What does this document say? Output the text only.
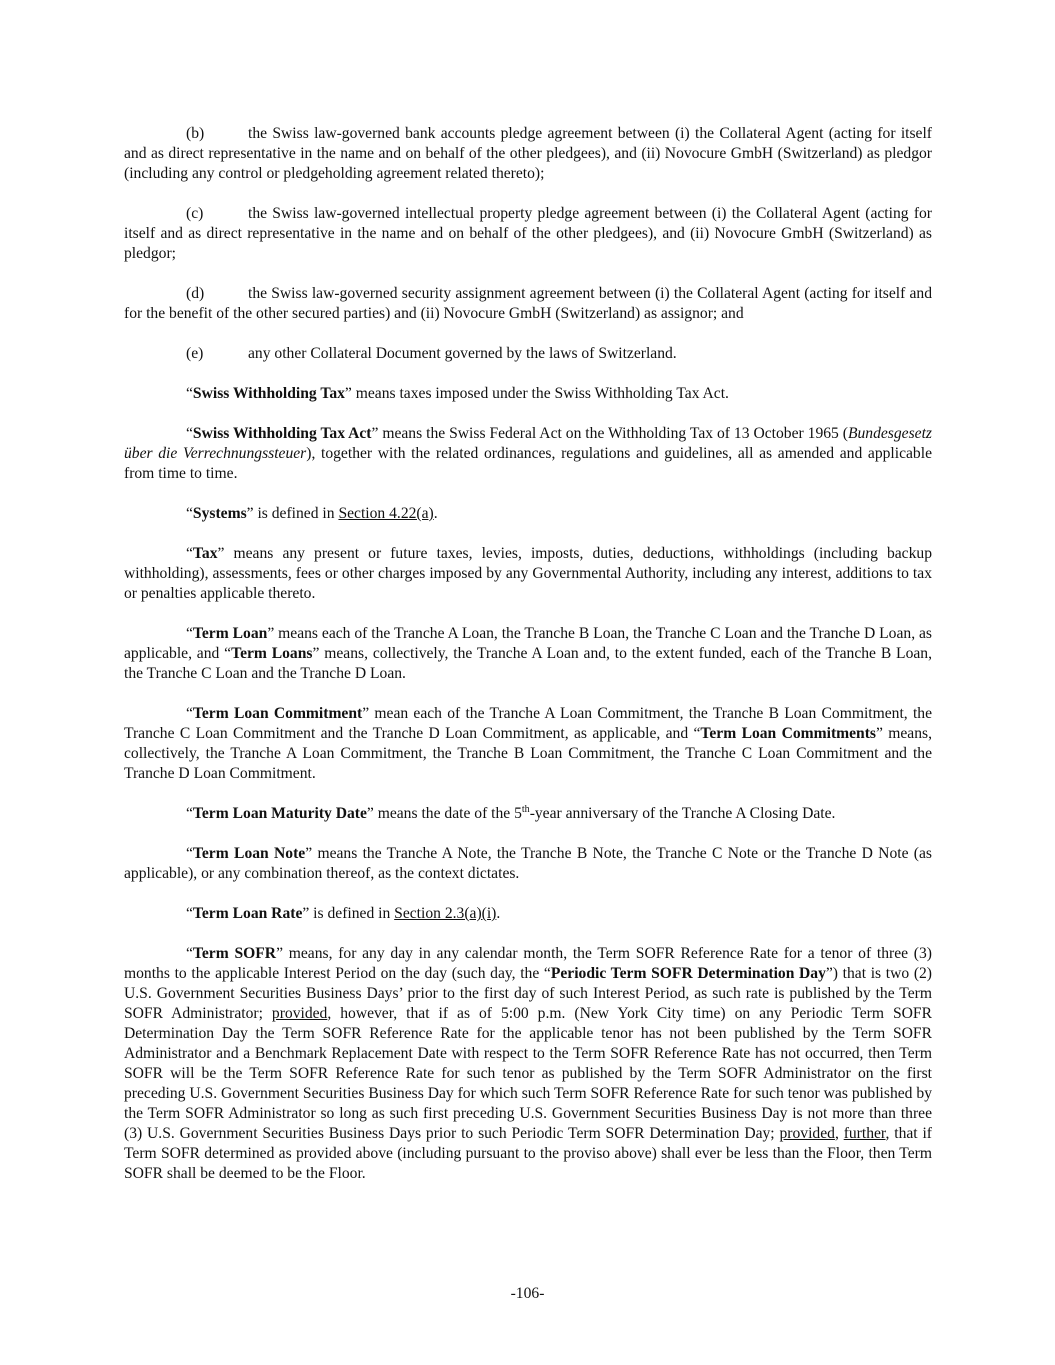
(b)	the Swiss law-governed bank accounts pledge agreement between (i) the Collateral Agent (acting for itself and as direct representative in the name and on behalf of the other pledgees), and (ii) Novocure GmbH (Switzerland) as pledgor (including any control or pledgeholding agreement related thereto);

(c)	the Swiss law-governed intellectual property pledge agreement between (i) the Collateral Agent (acting for itself and as direct representative in the name and on behalf of the other pledgees), and (ii) Novocure GmbH (Switzerland) as pledgor;

(d)	the Swiss law-governed security assignment agreement between (i) the Collateral Agent (acting for itself and for the benefit of the other secured parties) and (ii) Novocure GmbH (Switzerland) as assignor; and

(e)	any other Collateral Document governed by the laws of Switzerland.

“Swiss Withholding Tax” means taxes imposed under the Swiss Withholding Tax Act.

“Swiss Withholding Tax Act” means the Swiss Federal Act on the Withholding Tax of 13 October 1965 (Bundesgesetz über die Verrechnungssteuer), together with the related ordinances, regulations and guidelines, all as amended and applicable from time to time.

“Systems” is defined in Section 4.22(a).

“Tax” means any present or future taxes, levies, imposts, duties, deductions, withholdings (including backup withholding), assessments, fees or other charges imposed by any Governmental Authority, including any interest, additions to tax or penalties applicable thereto.

“Term Loan” means each of the Tranche A Loan, the Tranche B Loan, the Tranche C Loan and the Tranche D Loan, as applicable, and “Term Loans” means, collectively, the Tranche A Loan and, to the extent funded, each of the Tranche B Loan, the Tranche C Loan and the Tranche D Loan.

“Term Loan Commitment” mean each of the Tranche A Loan Commitment, the Tranche B Loan Commitment, the Tranche C Loan Commitment and the Tranche D Loan Commitment, as applicable, and “Term Loan Commitments” means, collectively, the Tranche A Loan Commitment, the Tranche B Loan Commitment, the Tranche C Loan Commitment and the Tranche D Loan Commitment.

“Term Loan Maturity Date” means the date of the 5th-year anniversary of the Tranche A Closing Date.

“Term Loan Note” means the Tranche A Note, the Tranche B Note, the Tranche C Note or the Tranche D Note (as applicable), or any combination thereof, as the context dictates.

“Term Loan Rate” is defined in Section 2.3(a)(i).

“Term SOFR” means, for any day in any calendar month, the Term SOFR Reference Rate for a tenor of three (3) months to the applicable Interest Period on the day (such day, the “Periodic Term SOFR Determination Day”) that is two (2) U.S. Government Securities Business Days’ prior to the first day of such Interest Period, as such rate is published by the Term SOFR Administrator; provided, however, that if as of 5:00 p.m. (New York City time) on any Periodic Term SOFR Determination Day the Term SOFR Reference Rate for the applicable tenor has not been published by the Term SOFR Administrator and a Benchmark Replacement Date with respect to the Term SOFR Reference Rate has not occurred, then Term SOFR will be the Term SOFR Reference Rate for such tenor as published by the Term SOFR Administrator on the first preceding U.S. Government Securities Business Day for which such Term SOFR Reference Rate for such tenor was published by the Term SOFR Administrator so long as such first preceding U.S. Government Securities Business Day is not more than three (3) U.S. Government Securities Business Days prior to such Periodic Term SOFR Determination Day; provided, further, that if Term SOFR determined as provided above (including pursuant to the proviso above) shall ever be less than the Floor, then Term SOFR shall be deemed to be the Floor.

-106-
